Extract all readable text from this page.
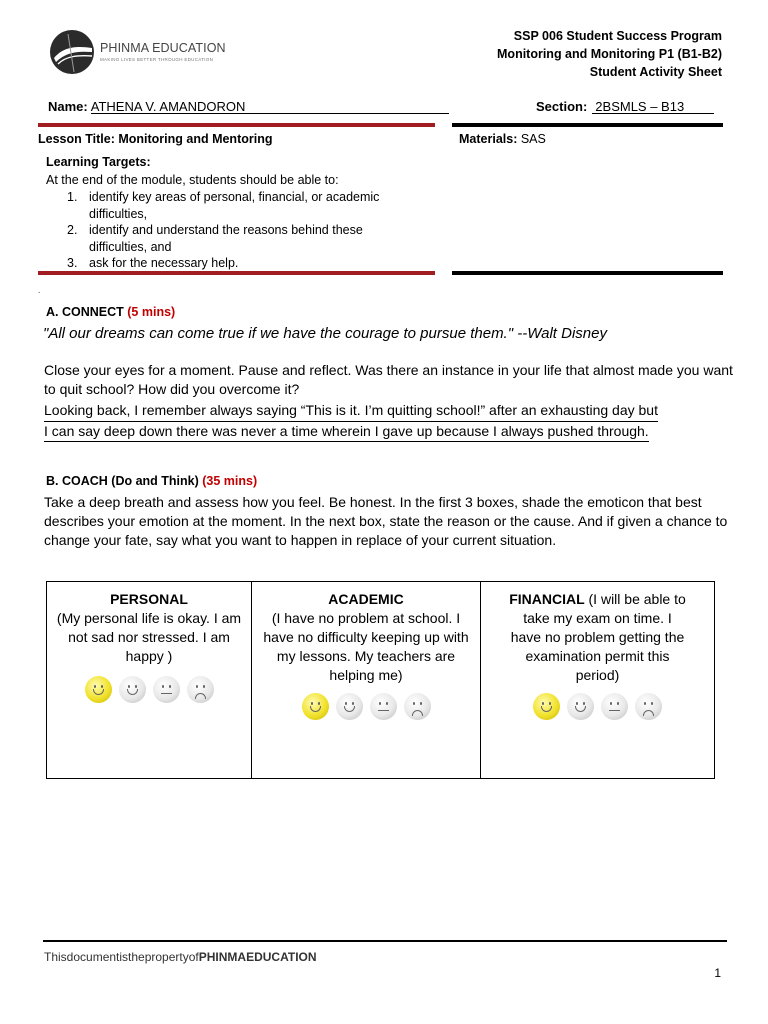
PHINMA EDUCATION
MAKING LIVES BETTER THROUGH EDUCATION
SSP 006 Student Success Program
Monitoring and Monitoring P1 (B1-B2)
Student Activity Sheet
Name: ATHENA V. AMANDORON	Section: 2BSMLS – B13
Lesson Title: Monitoring and Mentoring	Materials: SAS
Learning Targets:
At the end of the module, students should be able to:
1. identify key areas of personal, financial, or academic difficulties,
2. identify and understand the reasons behind these difficulties, and
3. ask for the necessary help.
.
A. CONNECT (5 mins)
"All our dreams can come true if we have the courage to pursue them." --Walt Disney
Close your eyes for a moment. Pause and reflect. Was there an instance in your life that almost made you want to quit school? How did you overcome it?
Looking back, I remember always saying “This is it. I’m quitting school!” after an exhausting day but
I can say deep down there was never a time wherein I gave up because I always pushed through.
B. COACH (Do and Think) (35 mins)
Take a deep breath and assess how you feel. Be honest. In the first 3 boxes, shade the emoticon that best describes your emotion at the moment. In the next box, state the reason or the cause. And if given a chance to change your fate, say what you want to happen in replace of your current situation.
PERSONAL
(My personal life is okay. I am not sad nor stressed. I am happy )

ACADEMIC
(I have no problem at school. I have no difficulty keeping up with my lessons. My teachers are helping me)

FINANCIAL (I will be able to take my exam on time. I have no problem getting the examination permit this period)
ThisdocumentisthepropertyofPHINMAEDUCATION
1
